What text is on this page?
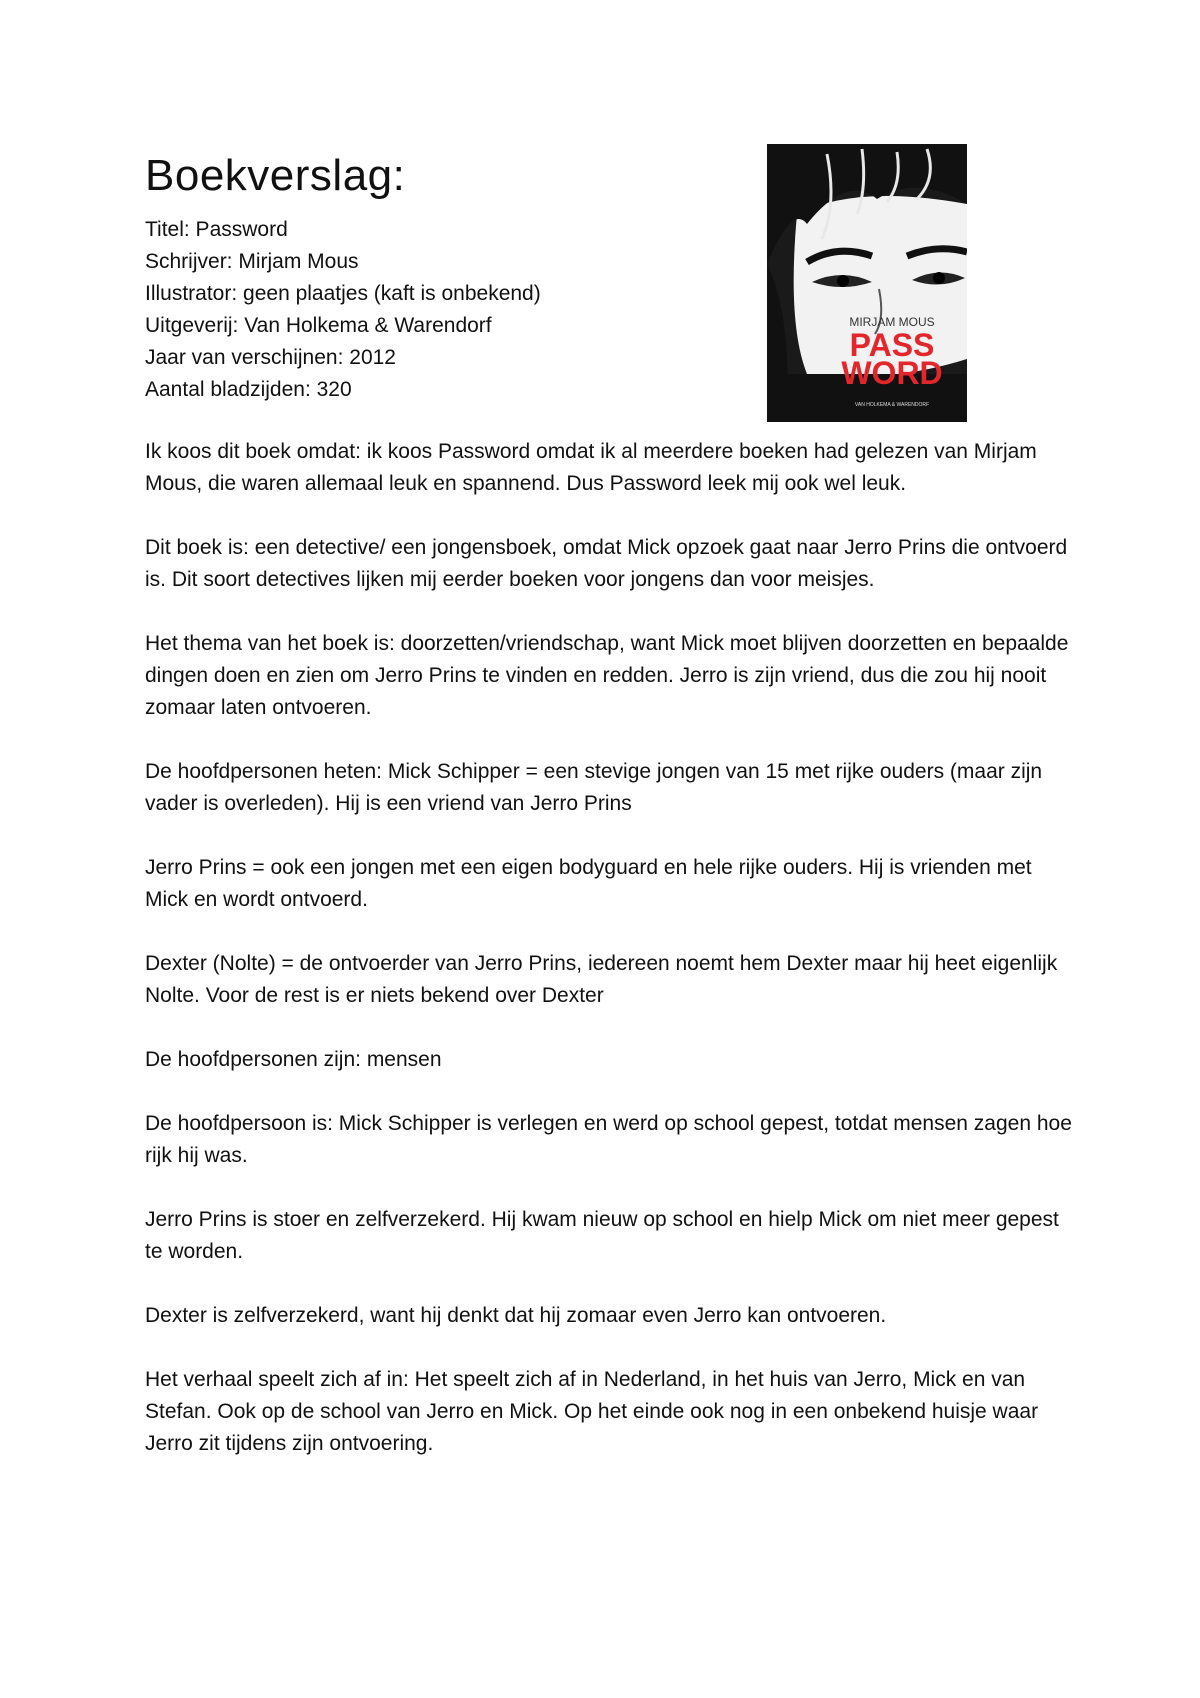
Boekverslag:
Titel: Password
Schrijver: Mirjam Mous
Illustrator: geen plaatjes (kaft is onbekend)
Uitgeverij: Van Holkema & Warendorf
Jaar van verschijnen: 2012
Aantal bladzijden: 320
MIRJAM MOUS
PASS
WORD
VAN HOLKEMA & WARENDORF

Ik koos dit boek omdat: ik koos Password omdat ik al meerdere boeken had gelezen van Mirjam Mous, die waren allemaal leuk en spannend. Dus Password leek mij ook wel leuk.

Dit boek is: een detective/ een jongensboek, omdat Mick opzoek gaat naar Jerro Prins die ontvoerd is. Dit soort detectives lijken mij eerder boeken voor jongens dan voor meisjes.

Het thema van het boek is: doorzetten/vriendschap, want Mick moet blijven doorzetten en bepaalde dingen doen en zien om Jerro Prins te vinden en redden. Jerro is zijn vriend, dus die zou hij nooit zomaar laten ontvoeren.

De hoofdpersonen heten: Mick Schipper = een stevige jongen van 15 met rijke ouders (maar zijn vader is overleden). Hij is een vriend van Jerro Prins

Jerro Prins = ook een jongen met een eigen bodyguard en hele rijke ouders. Hij is vrienden met Mick en wordt ontvoerd.

Dexter (Nolte) = de ontvoerder van Jerro Prins, iedereen noemt hem Dexter maar hij heet eigenlijk Nolte. Voor de rest is er niets bekend over Dexter

De hoofdpersonen zijn: mensen

De hoofdpersoon is: Mick Schipper is verlegen en werd op school gepest, totdat mensen zagen hoe rijk hij was.

Jerro Prins is stoer en zelfverzekerd. Hij kwam nieuw op school en hielp Mick om niet meer gepest te worden.

Dexter is zelfverzekerd, want hij denkt dat hij zomaar even Jerro kan ontvoeren.

Het verhaal speelt zich af in: Het speelt zich af in Nederland, in het huis van Jerro, Mick en van Stefan. Ook op de school van Jerro en Mick. Op het einde ook nog in een onbekend huisje waar Jerro zit tijdens zijn ontvoering.
